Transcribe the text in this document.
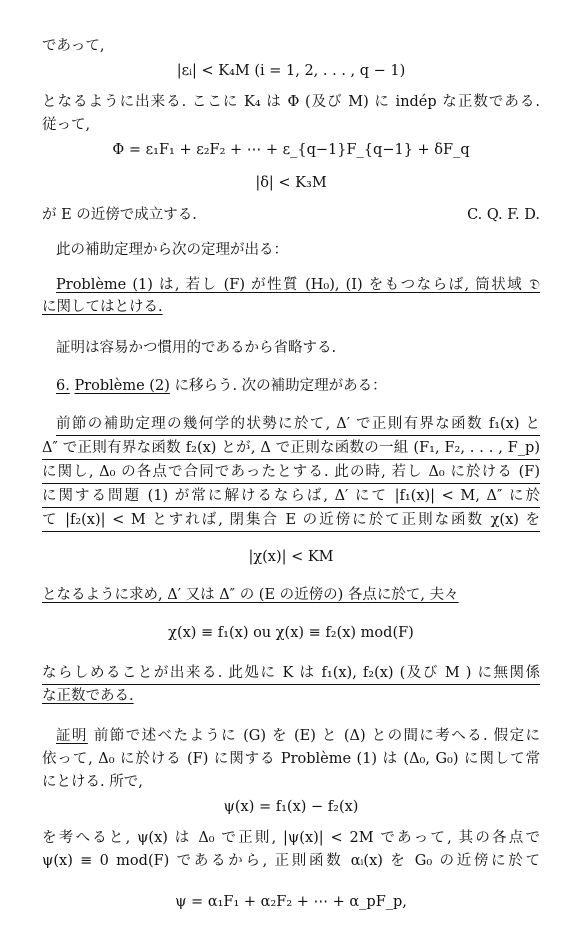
であって,

|εᵢ| < K₄M (i = 1, 2, . . . , q − 1)

となるように出来る. ここに K₄ は Φ (及び M) に indép な正数である.

従って,

Φ = ε₁F₁ + ε₂F₂ + ⋯ + ε_{q−1}F_{q−1} + δF_q

|δ| < K₃M

が E の近傍で成立する.	C. Q. F. D.

此の補助定理から次の定理が出る：

Problème (1) は, 若し (F) が性質 (H₀), (I) をもつならば, 筒状域 𝔇

に関してはとける.

証明は容易かつ慣用的であるから省略する.

6. Problème (2) に移らう. 次の補助定理がある：

前節の補助定理の幾何学的状勢に於て, Δ′ で正則有界な函数 f₁(x) と

Δ″ で正則有界な函数 f₂(x) とが, Δ で正則な函数の一組 (F₁, F₂, . . . , F_p)

に関し, Δ₀ の各点で合同であったとする. 此の時, 若し Δ₀ に於ける (F)

に関する問題 (1) が常に解けるならば, Δ′ にて |f₁(x)| < M, Δ″ に於

て |f₂(x)| < M とすれば, 閉集合 E の近傍に於て正則な函数 χ(x) を

|χ(x)| < KM

となるように求め, Δ′ 又は Δ″ の (E の近傍の) 各点に於て, 夫々

χ(x) ≡ f₁(x) ou χ(x) ≡ f₂(x) mod(F)

ならしめることが出来る. 此処に K は f₁(x), f₂(x) (及び M ) に無関係

な正数である.

証明 前節で述べたように (G) を (E) と (Δ) との間に考へる. 假定に

依って, Δ₀ に於ける (F) に関する Problème (1) は (Δ₀, G₀) に関して常

にとける. 所で,

ψ(x) = f₁(x) − f₂(x)

を考へると, ψ(x) は Δ₀ で正則, |ψ(x)| < 2M であって, 其の各点で

ψ(x) ≡ 0 mod(F) であるから, 正則函数 αᵢ(x) を G₀ の近傍に於て

ψ = α₁F₁ + α₂F₂ + ⋯ + α_pF_p,
